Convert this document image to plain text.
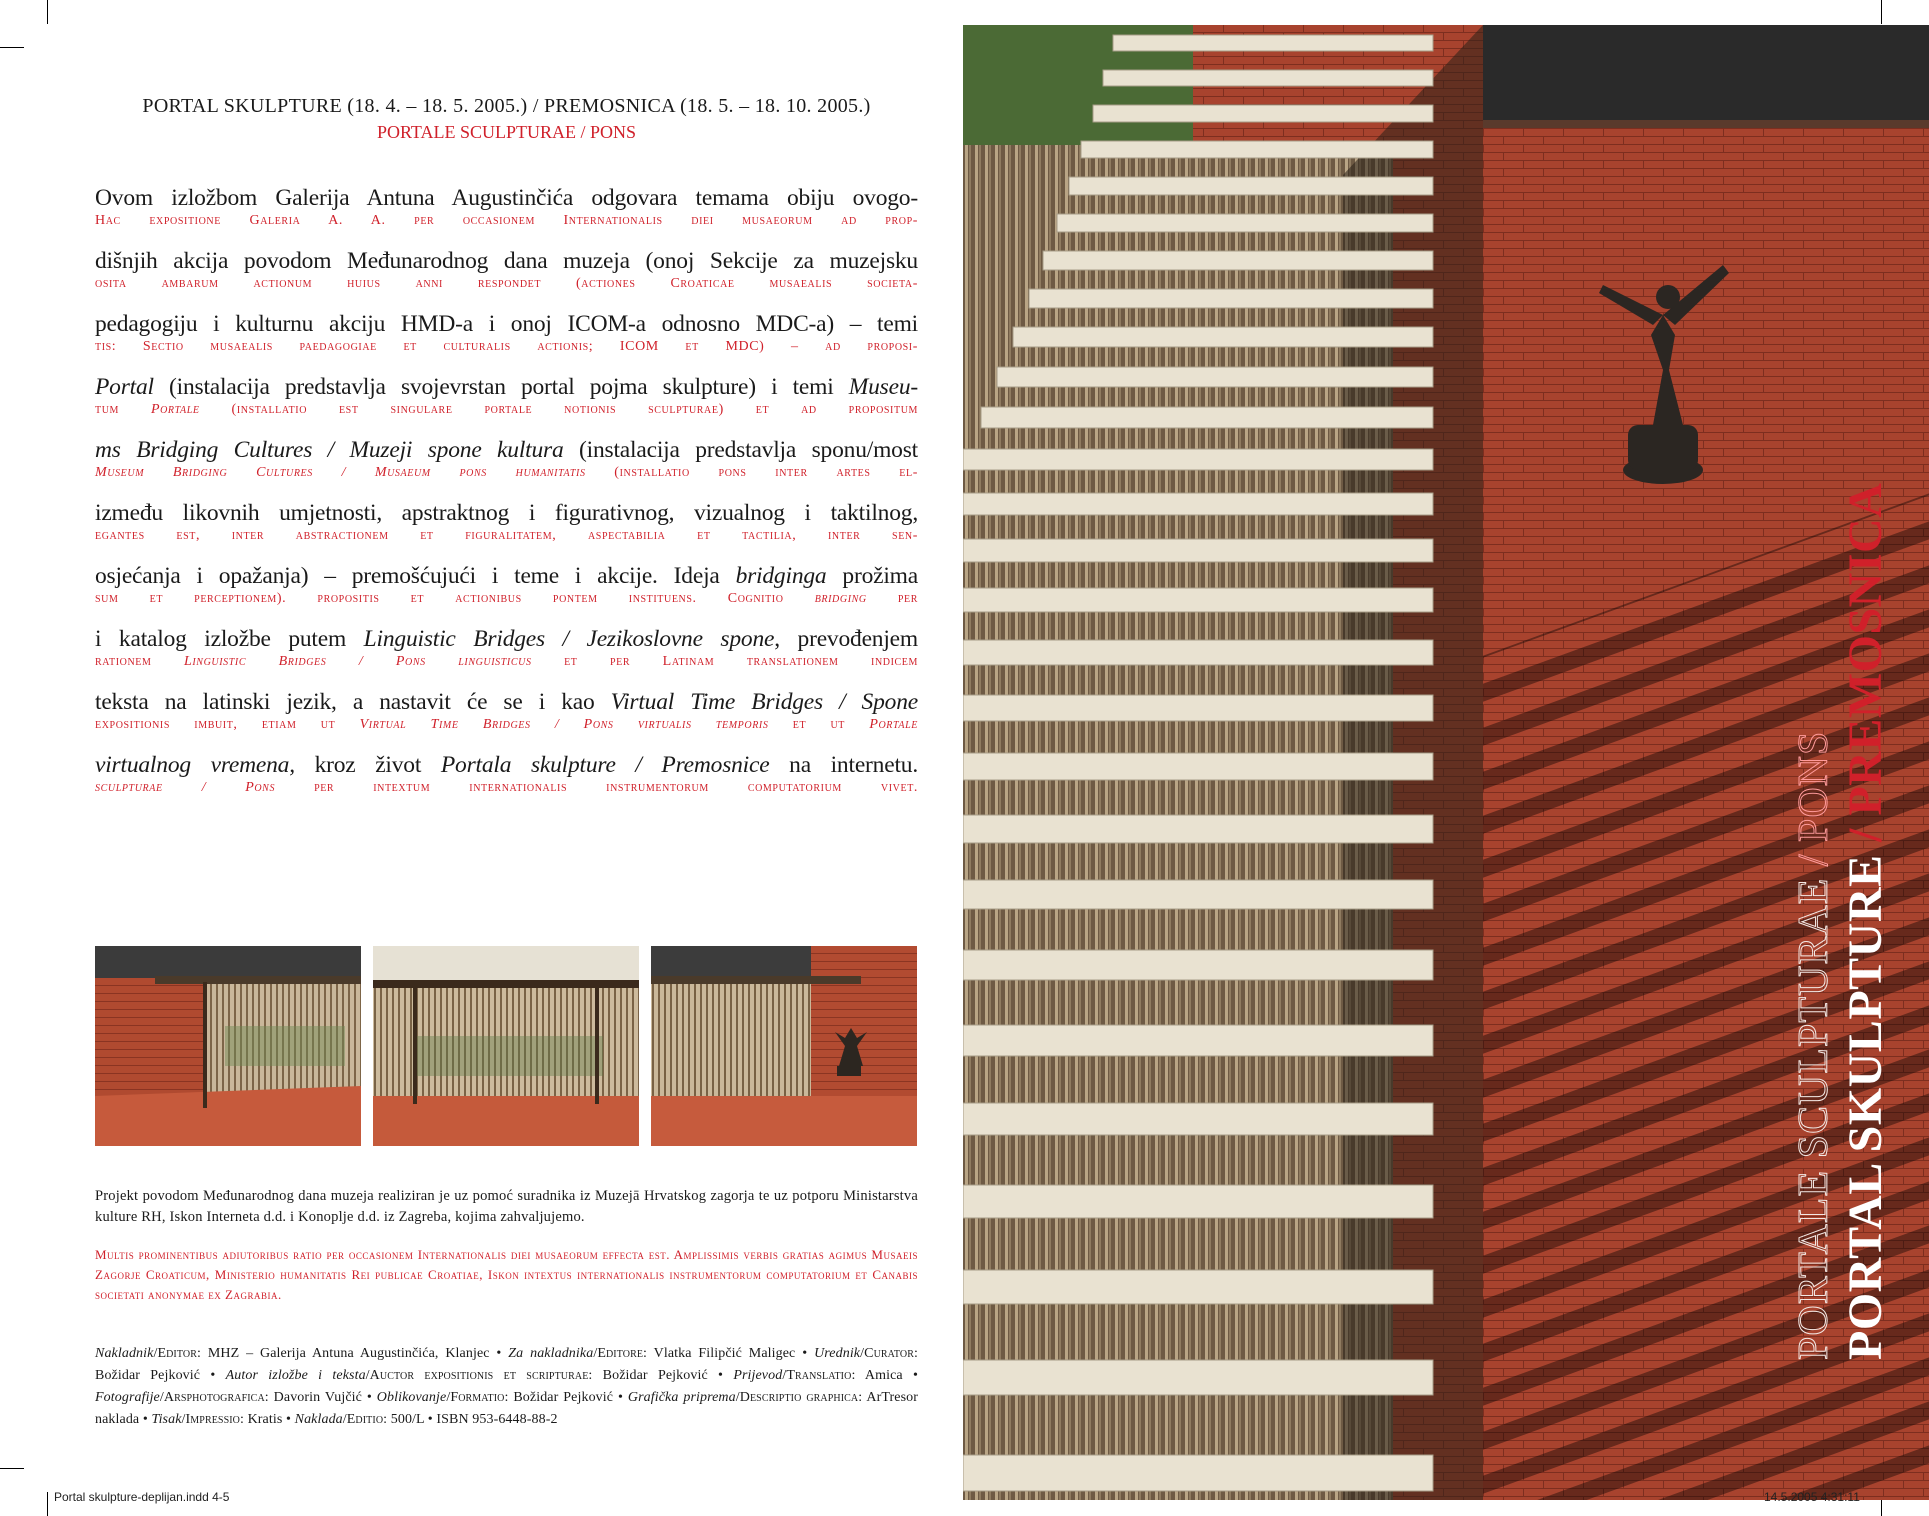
PORTAL SKULPTURE (18. 4. – 18. 5. 2005.) / PREMOSNICA (18. 5. – 18. 10. 2005.)
PORTALE SCULPTURAE / PONS
Ovom izložbom Galerija Antuna Augustinčića odgovara temama obiju ovogo-
Hac expositione Galeria A. A. per occasionem Internationalis diei musaeorum ad prop-
dišnjih akcija povodom Međunarodnog dana muzeja (onoj Sekcije za muzejsku
osita ambarum actionum huius anni respondet (actiones Croaticae musaealis societa-
pedagogiju i kulturnu akciju HMD-a i onoj ICOM-a odnosno MDC-a) – temi
tis: Sectio musaealis paedagogiae et culturalis actionis; ICOM et MDC) – ad proposi-
Portal (instalacija predstavlja svojevrstan portal pojma skulpture) i temi Museu-
tum Portale (installatio est singulare portale notionis sculpturae) et ad propositum
ms Bridging Cultures / Muzeji spone kultura (instalacija predstavlja sponu/most
Museum Bridging Cultures / Musaeum pons humanitatis (installatio pons inter artes el-
između likovnih umjetnosti, apstraktnog i figurativnog, vizualnog i taktilnog,
egantes est, inter abstractionem et figuralitatem, aspectabilia et tactilia, inter sen-
osjećanja i opažanja) – premošćujući i teme i akcije. Ideja bridginga prožima
sum et perceptionem). propositis et actionibus pontem instituens. Cognitio bridging per
i katalog izložbe putem Linguistic Bridges / Jezikoslovne spone, prevođenjem
rationem Linguistic Bridges / Pons linguisticus et per Latinam translationem indicem
teksta na latinski jezik, a nastavit će se i kao Virtual Time Bridges / Spone
expositionis imbuit, etiam ut Virtual Time Bridges / Pons virtualis temporis et ut Portale
virtualnog vremena, kroz život Portala skulpture / Premosnice na internetu.
sculpturae / Pons per intextum internationalis instrumentorum computatorium vivet.
Projekt povodom Međunarodnog dana muzeja realiziran je uz pomoć suradnika iz Muzejā Hrvatskog zagorja te uz potporu Ministarstva kulture RH, Iskon Interneta d.d. i Konoplje d.d. iz Zagreba, kojima zahvaljujemo.
Multis prominentibus adiutoribus ratio per occasionem Internationalis diei musaeorum effecta est. Amplissimis verbis gratias agimus Musaeis Zagorje Croaticum, Ministerio humanitatis Rei publicae Croatiae, Iskon intextus internationalis instrumentorum computatorium et Canabis societati anonymae ex Zagrabia.
Nakladnik/Editor: MHZ – Galerija Antuna Augustinčića, Klanjec • Za nakladnika/Editore: Vlatka Filipčić Maligec • Urednik/Curator: Božidar Pejković • Autor izložbe i teksta/Auctor expositionis et scripturae: Božidar Pejković • Prijevod/Translatio: Amica • Fotografije/Arsphotografica: Davorin Vujčić • Oblikovanje/Formatio: Božidar Pejković • Grafička priprema/Descriptio graphica: ArTresor naklada • Tisak/Impressio: Kratis • Naklada/Editio: 500/L • ISBN 953-6448-88-2
PORTALE SCULPTURAE / PONS
PORTAL SKULPTURE / PREMOSNICA
Portal skulpture-deplijan.indd 4-5	14.5.2005 4:31:11
